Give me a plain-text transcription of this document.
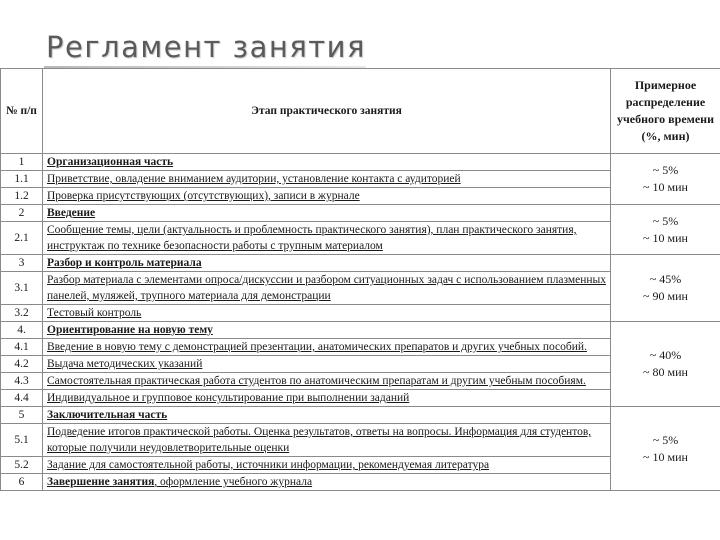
Регламент занятия
№ п/п	Этап практического занятия	Примерное распределение учебного времени (%, мин)
1	Организационная часть	~ 5%
~ 10 мин

1.1	Приветствие, овладение вниманием аудитории, установление контакта с аудиторией	
1.2	Проверка присутствующих (отсутствующих), записи в журнале	
2	Введение	~ 5%
~ 10 мин

2.1	Сообщение темы, цели (актуальность и проблемность практического занятия), план практического занятия, инструктаж по технике безопасности работы с трупным материалом	
3	Разбор и контроль материала	~ 45%
~ 90 мин

3.1	Разбор материала с элементами опроса/дискуссии и разбором ситуационных задач с использованием плазменных панелей, муляжей, трупного материала для демонстрации	
3.2	Тестовый контроль	
4.	Ориентирование на новую тему	~ 40%
~ 80 мин

4.1	Введение в новую тему с демонстрацией презентации, анатомических препаратов и других учебных пособий.	
4.2	Выдача методических указаний	
4.3	Самостоятельная практическая работа студентов по анатомическим препаратам и другим учебным пособиям.	
4.4	Индивидуальное и групповое консультирование при выполнении заданий	
5	Заключительная часть	~ 5%
~ 10 мин

5.1	Подведение итогов практической работы. Оценка результатов, ответы на вопросы. Информация для студентов, которые получили неудовлетворительные оценки	
5.2	Задание для самостоятельной работы, источники информации, рекомендуемая литература	
6	Завершение занятия, оформление учебного журнала	
